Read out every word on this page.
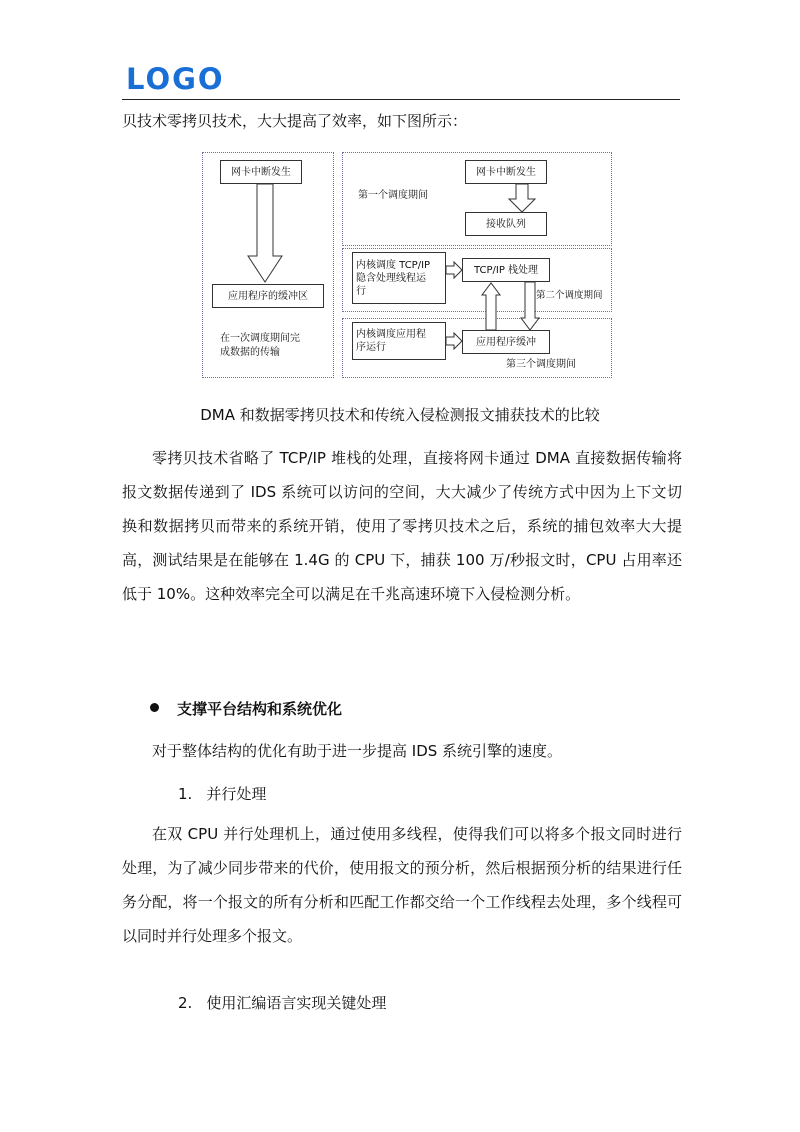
LOGO
贝技术零拷贝技术，大大提高了效率，如下图所示：
网卡中断发生
应用程序的缓冲区
在一次调度期间完
成数据的传输
第一个调度期间
网卡中断发生
接收队列
内核调度 TCP/IP
隐含处理线程运
行
TCP/IP 栈处理
第二个调度期间
内核调度应用程
序运行	应用程序缓冲
第三个调度期间
DMA 和数据零拷贝技术和传统入侵检测报文捕获技术的比较
零拷贝技术省略了 TCP/IP 堆栈的处理，直接将网卡通过 DMA 直接数据传输将报文数据传递到了 IDS 系统可以访问的空间，大大减少了传统方式中因为上下文切换和数据拷贝而带来的系统开销，使用了零拷贝技术之后，系统的捕包效率大大提高，测试结果是在能够在 1.4G 的 CPU 下，捕获 100 万/秒报文时，CPU 占用率还低于 10%。这种效率完全可以满足在千兆高速环境下入侵检测分析。
支撑平台结构和系统优化
对于整体结构的优化有助于进一步提高 IDS 系统引擎的速度。
1. 并行处理
在双 CPU 并行处理机上，通过使用多线程，使得我们可以将多个报文同时进行处理，为了减少同步带来的代价，使用报文的预分析，然后根据预分析的结果进行任务分配，将一个报文的所有分析和匹配工作都交给一个工作线程去处理，多个线程可以同时并行处理多个报文。
2. 使用汇编语言实现关键处理
